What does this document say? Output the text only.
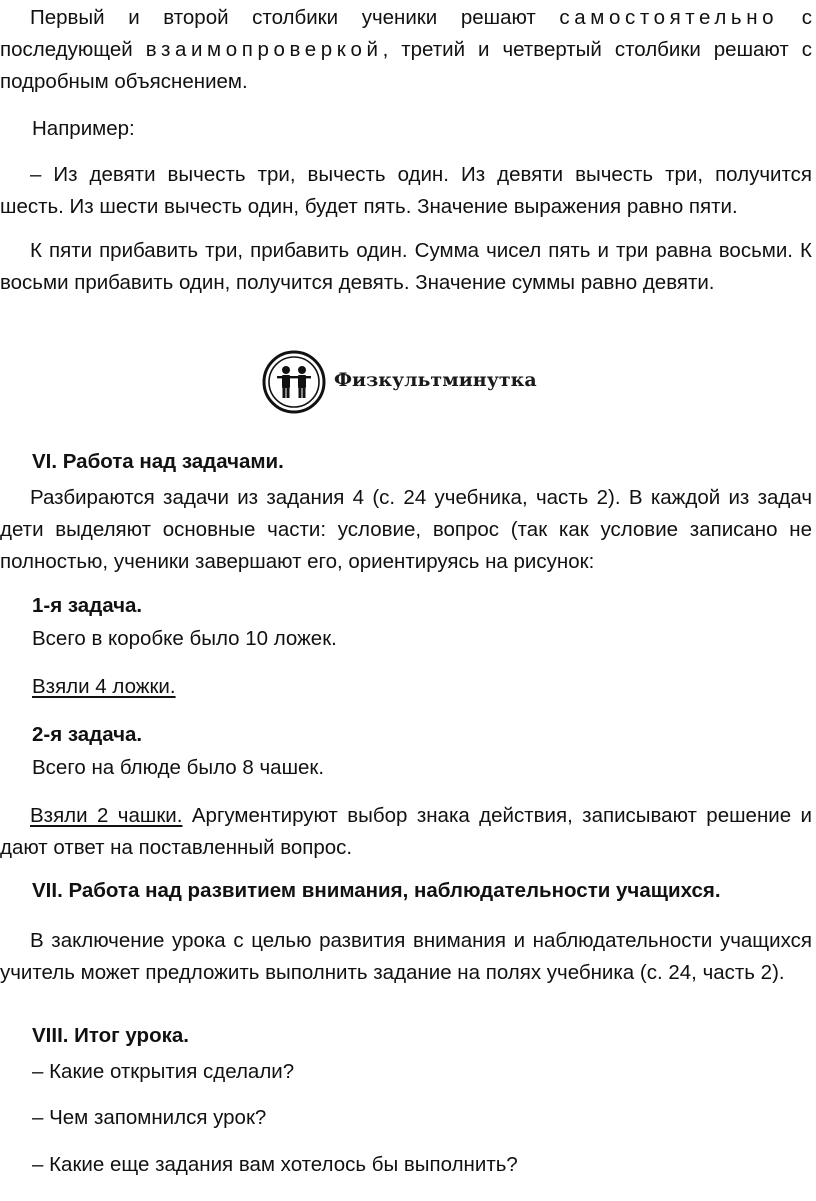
Первый и второй столбики ученики решают самостоятельно с последующей взаимопроверкой, третий и четвертый столбики решают с подробным объяснением.

Например:

– Из девяти вычесть три, вычесть один. Из девяти вычесть три, получится шесть. Из шести вычесть один, будет пять. Значение выражения равно пяти.

К пяти прибавить три, прибавить один. Сумма чисел пять и три равна восьми. К восьми прибавить один, получится девять. Значение суммы равно девяти.

Физкультминутка

VI. Работа над задачами.

Разбираются задачи из задания 4 (с. 24 учебника, часть 2). В каждой из задач дети выделяют основные части: условие, вопрос (так как условие записано не полностью, ученики завершают его, ориентируясь на рисунок:

1-я задача.

Всего в коробке было 10 ложек.

Взяли 4 ложки.

2-я задача.

Всего на блюде было 8 чашек.

Взяли 2 чашки. Аргументируют выбор знака действия, записывают решение и дают ответ на поставленный вопрос.

VII. Работа над развитием внимания, наблюдательности учащихся.

В заключение урока с целью развития внимания и наблюдательности учащихся учитель может предложить выполнить задание на полях учебника (с. 24, часть 2).

VIII. Итог урока.

– Какие открытия сделали?

– Чем запомнился урок?

– Какие еще задания вам хотелось бы выполнить?
